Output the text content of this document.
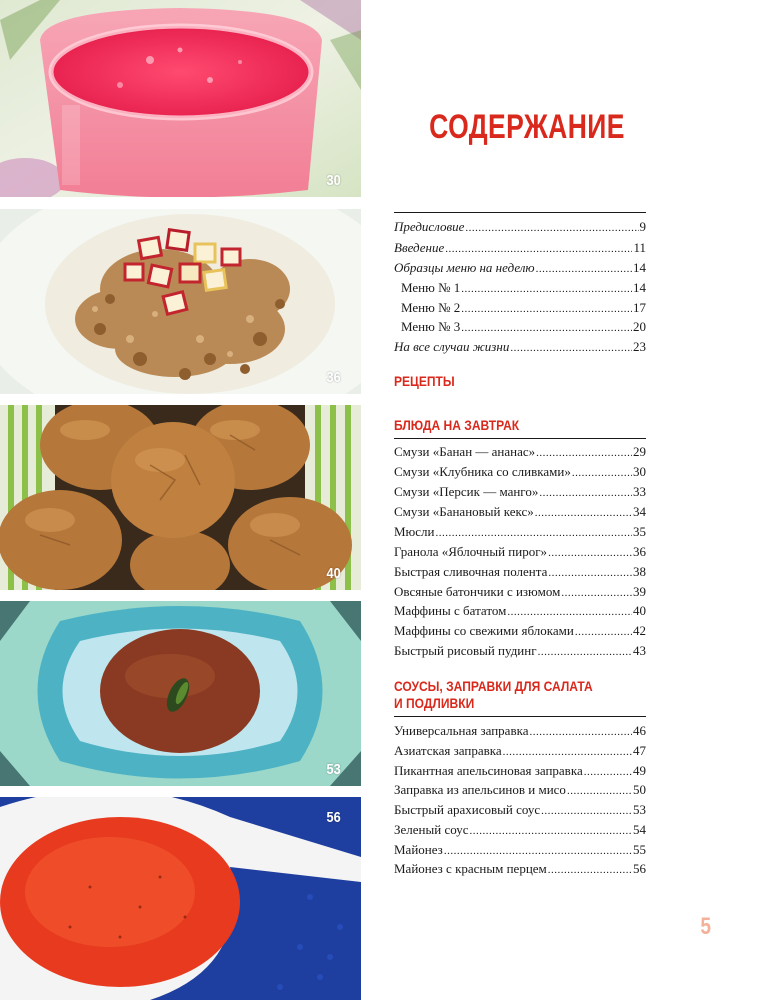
30
36
40
53
56
СОДЕРЖАНИЕ
Предисловие .....	9
Введение .....	11
Образцы меню на неделю .....	14
Меню № 1 .....	14
Меню № 2 .....	17
Меню № 3 .....	20
На все случаи жизни .....	23
РЕЦЕПТЫ
БЛЮДА НА ЗАВТРАК
Смузи «Банан — ананас» .....	29
Смузи «Клубника со сливками» .....	30
Смузи «Персик — манго» .....	33
Смузи «Банановый кекс» .....	34
Мюсли .....	35
Гранола «Яблочный пирог» .....	36
Быстрая сливочная полента .....	38
Овсяные батончики с изюмом .....	39
Маффины с бататом .....	40
Маффины со свежими яблоками .....	42
Быстрый рисовый пудинг .....	43
СОУСЫ, ЗАПРАВКИ ДЛЯ САЛАТА
И ПОДЛИВКИ
Универсальная заправка .....	46
Азиатская заправка .....	47
Пикантная апельсиновая заправка .....	49
Заправка из апельсинов и мисо .....	50
Быстрый арахисовый соус .....	53
Зеленый соус .....	54
Майонез .....	55
Майонез с красным перцем .....	56
5
